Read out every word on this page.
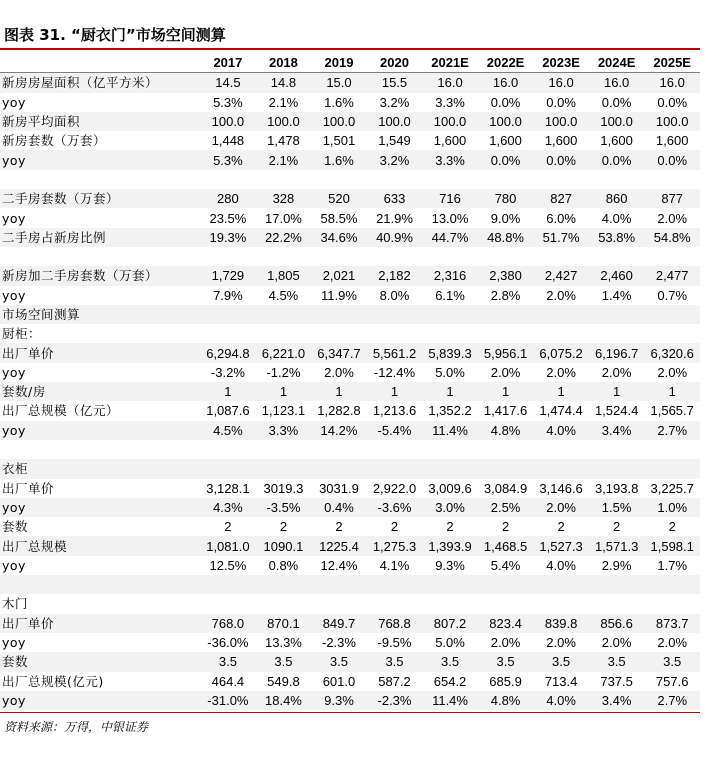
图表 31. “厨衣门”市场空间测算
	2017	2018	2019	2020	2021E	2022E	2023E	2024E	2025E
新房房屋面积（亿平方米）	14.5	14.8	15.0	15.5	16.0	16.0	16.0	16.0	16.0
yoy	5.3%	2.1%	1.6%	3.2%	3.3%	0.0%	0.0%	0.0%	0.0%
新房平均面积	100.0	100.0	100.0	100.0	100.0	100.0	100.0	100.0	100.0
新房套数（万套）	1,448	1,478	1,501	1,549	1,600	1,600	1,600	1,600	1,600
yoy	5.3%	2.1%	1.6%	3.2%	3.3%	0.0%	0.0%	0.0%	0.0%

二手房套数（万套）	280	328	520	633	716	780	827	860	877
yoy	23.5%	17.0%	58.5%	21.9%	13.0%	9.0%	6.0%	4.0%	2.0%
二手房占新房比例	19.3%	22.2%	34.6%	40.9%	44.7%	48.8%	51.7%	53.8%	54.8%

新房加二手房套数（万套）	1,729	1,805	2,021	2,182	2,316	2,380	2,427	2,460	2,477
yoy	7.9%	4.5%	11.9%	8.0%	6.1%	2.8%	2.0%	1.4%	0.7%
市场空间测算									
厨柜：									
出厂单价	6,294.8	6,221.0	6,347.7	5,561.2	5,839.3	5,956.1	6,075.2	6,196.7	6,320.6
yoy	-3.2%	-1.2%	2.0%	-12.4%	5.0%	2.0%	2.0%	2.0%	2.0%
套数/房	1	1	1	1	1	1	1	1	1
出厂总规模（亿元）	1,087.6	1,123.1	1,282.8	1,213.6	1,352.2	1,417.6	1,474.4	1,524.4	1,565.7
yoy	4.5%	3.3%	14.2%	-5.4%	11.4%	4.8%	4.0%	3.4%	2.7%

衣柜									
出厂单价	3,128.1	3019.3	3031.9	2,922.0	3,009.6	3,084.9	3,146.6	3,193.8	3,225.7
yoy	4.3%	-3.5%	0.4%	-3.6%	3.0%	2.5%	2.0%	1.5%	1.0%
套数	2	2	2	2	2	2	2	2	2
出厂总规模	1,081.0	1090.1	1225.4	1,275.3	1,393.9	1,468.5	1,527.3	1,571.3	1,598.1
yoy	12.5%	0.8%	12.4%	4.1%	9.3%	5.4%	4.0%	2.9%	1.7%

木门									
出厂单价	768.0	870.1	849.7	768.8	807.2	823.4	839.8	856.6	873.7
yoy	-36.0%	13.3%	-2.3%	-9.5%	5.0%	2.0%	2.0%	2.0%	2.0%
套数	3.5	3.5	3.5	3.5	3.5	3.5	3.5	3.5	3.5
出厂总规模(亿元)	464.4	549.8	601.0	587.2	654.2	685.9	713.4	737.5	757.6
yoy	-31.0%	18.4%	9.3%	-2.3%	11.4%	4.8%	4.0%	3.4%	2.7%
资料来源：万得，中银证券
